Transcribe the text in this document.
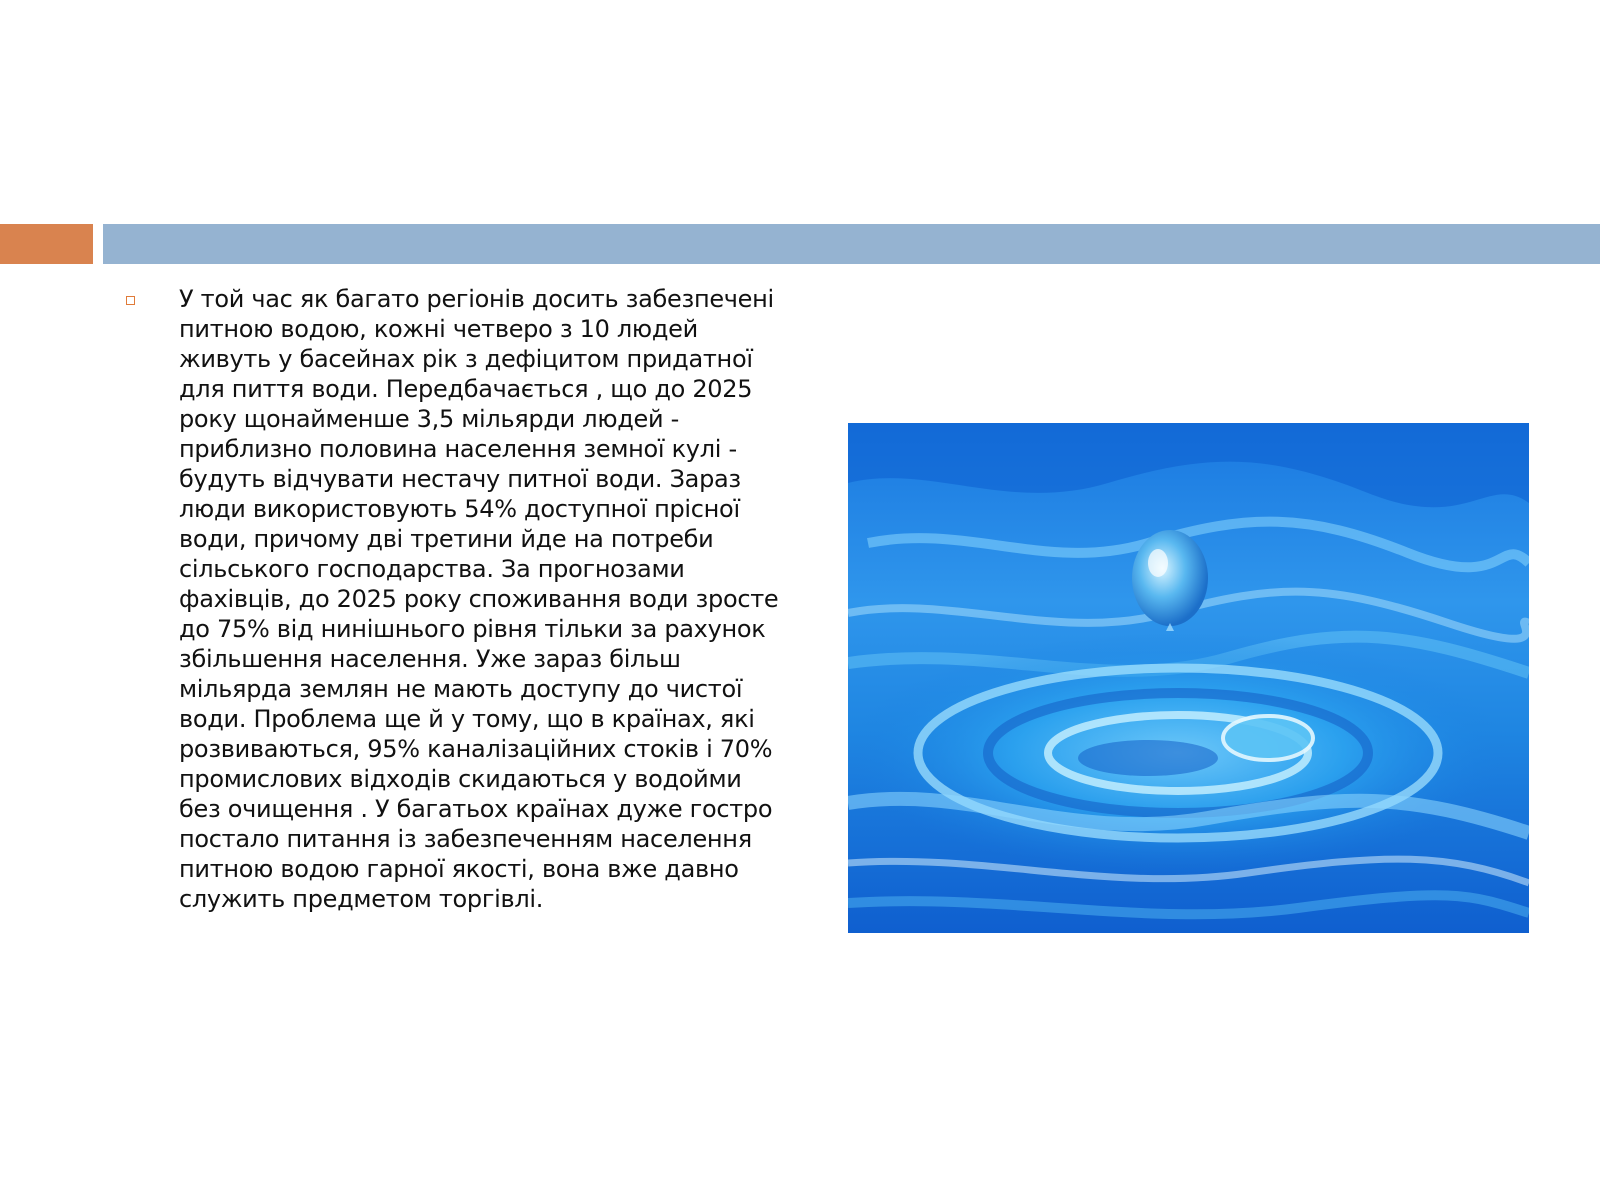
У той час як багато регіонів досить забезпечені питною водою, кожні четверо з 10 людей живуть у басейнах рік з дефіцитом придатної для пиття води. Передбачається , що до 2025 року щонайменше 3,5 мільярди людей - приблизно половина населення земної кулі - будуть відчувати нестачу питної води. Зараз люди використовують 54% доступної прісної води, причому дві третини йде на потреби сільського господарства. За прогнозами фахівців, до 2025 року споживання води зросте до 75% від нинішнього рівня тільки за рахунок збільшення населення. Уже зараз більш мільярда землян не мають доступу до чистої води. Проблема ще й у тому, що в країнах, які розвиваються, 95% каналізаційних стоків і 70% промислових відходів скидаються у водойми без очищення . У багатьох країнах дуже гостро постало питання із забезпеченням населення питною водою гарної якості, вона вже давно служить предметом торгівлі.
